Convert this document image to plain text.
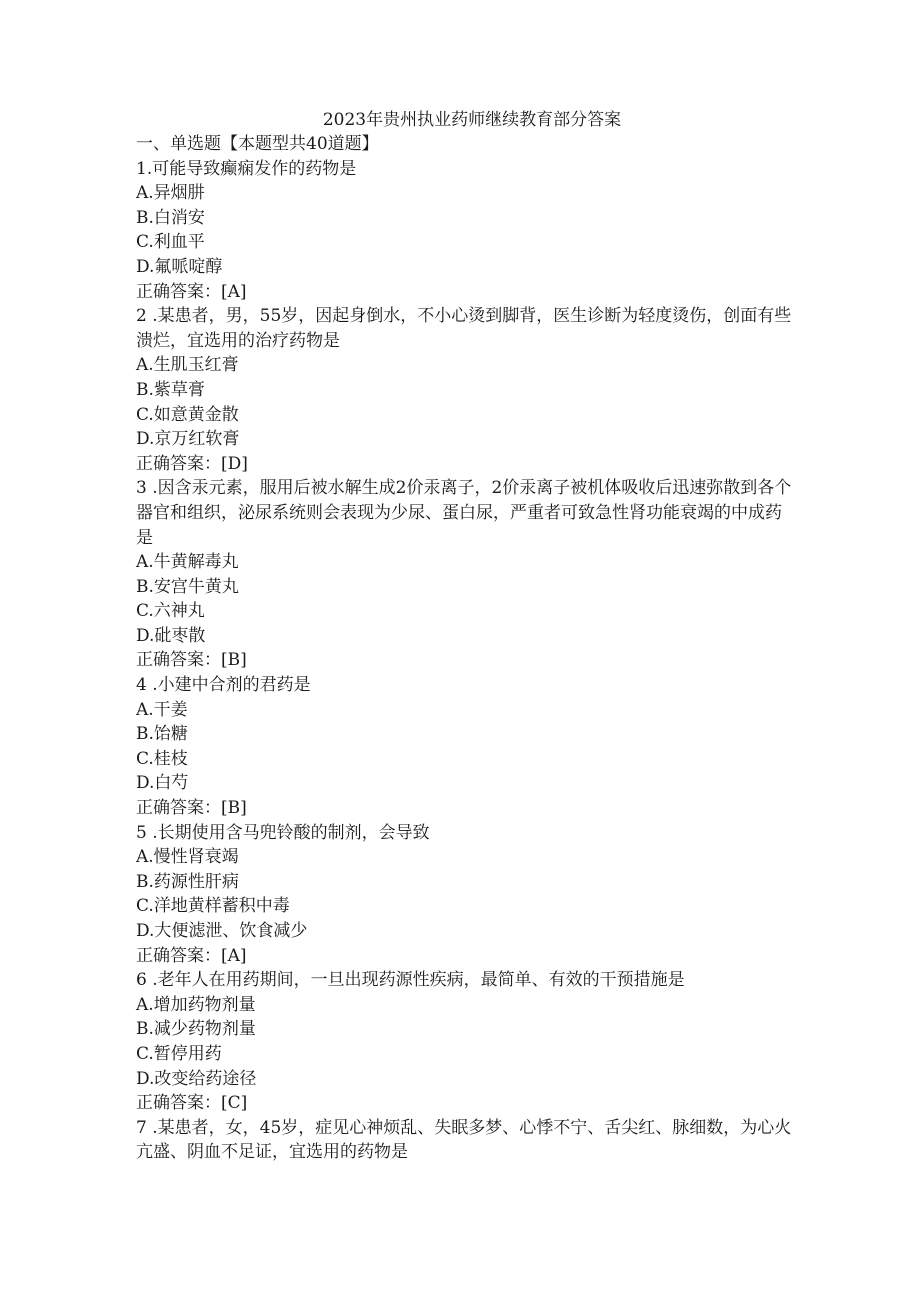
2023年贵州执业药师继续教育部分答案
一、单选题【本题型共40道题】
1.可能导致癫痫发作的药物是
A.异烟肼
B.白消安
C.利血平
D.氟哌啶醇
正确答案：[A]
2 .某患者，男，55岁，因起身倒水，不小心烫到脚背，医生诊断为轻度烫伤，创面有些溃烂，宜选用的治疗药物是
A.生肌玉红膏
B.紫草膏
C.如意黄金散
D.京万红软膏
正确答案：[D]
3 .因含汞元素，服用后被水解生成2价汞离子，2价汞离子被机体吸收后迅速弥散到各个器官和组织，泌尿系统则会表现为少尿、蛋白尿，严重者可致急性肾功能衰竭的中成药是
A.牛黄解毒丸
B.安宫牛黄丸
C.六神丸
D.砒枣散
正确答案：[B]
4 .小建中合剂的君药是
A.干姜
B.饴糖
C.桂枝
D.白芍
正确答案：[B]
5 .长期使用含马兜铃酸的制剂，会导致
A.慢性肾衰竭
B.药源性肝病
C.洋地黄样蓄积中毒
D.大便滤泄、饮食减少
正确答案：[A]
6 .老年人在用药期间，一旦出现药源性疾病，最简单、有效的干预措施是
A.增加药物剂量
B.减少药物剂量
C.暂停用药
D.改变给药途径
正确答案：[C]
7 .某患者，女，45岁，症见心神烦乱、失眠多梦、心悸不宁、舌尖红、脉细数，为心火亢盛、阴血不足证，宜选用的药物是
